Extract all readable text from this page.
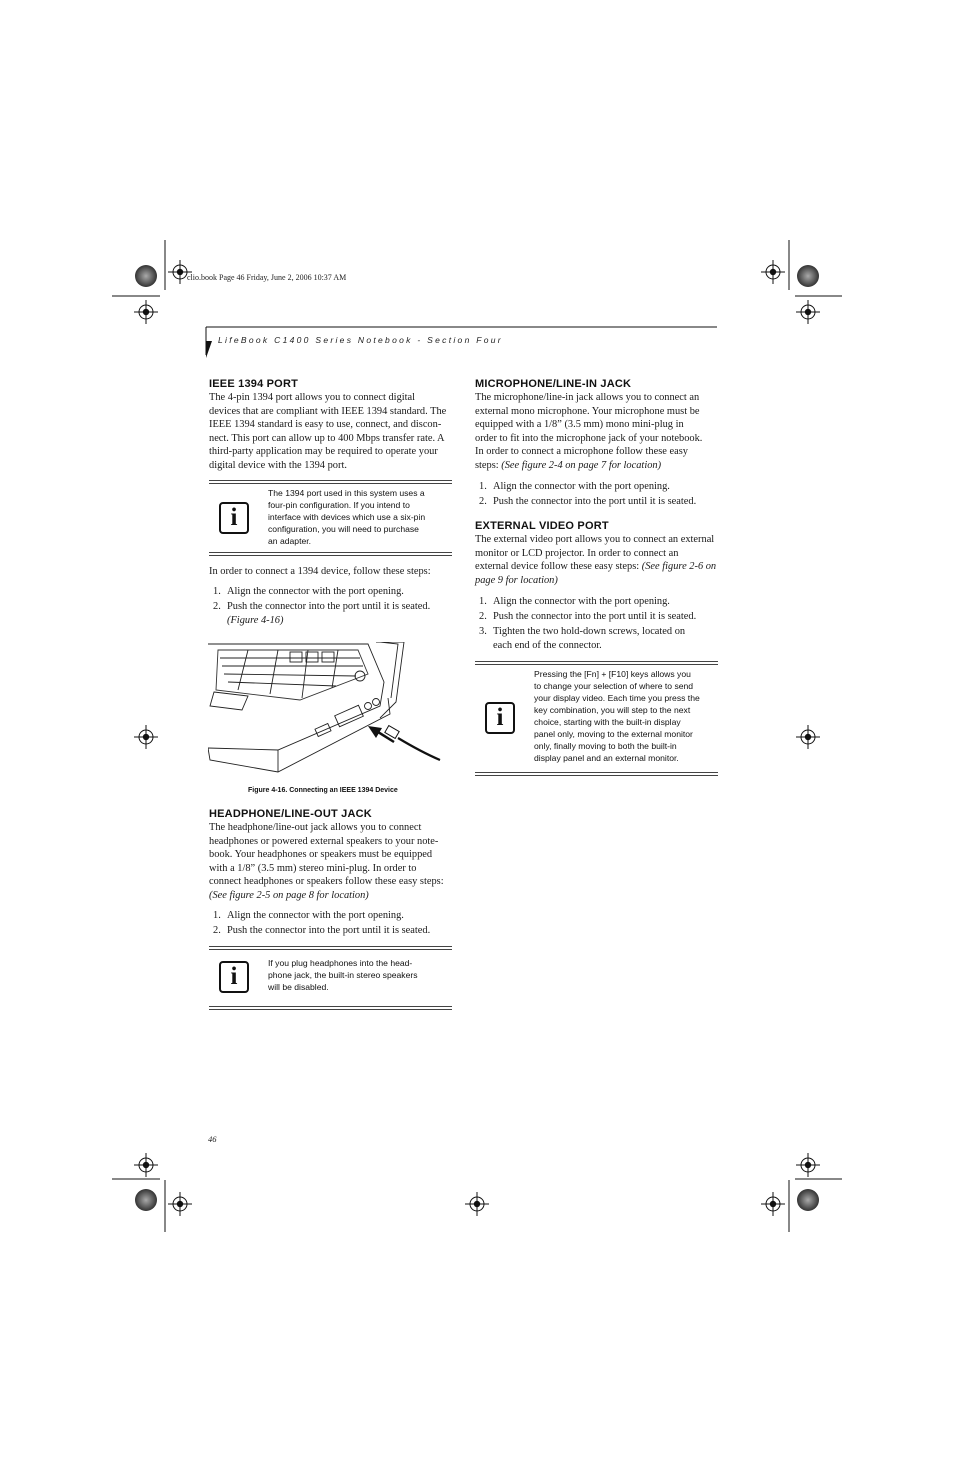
clio.book Page 46 Friday, June 2, 2006 10:37 AM
LifeBook C1400 Series Notebook - Section Four
IEEE 1394 PORT

The 4-pin 1394 port allows you to connect digital
devices that are compliant with IEEE 1394 standard. The
IEEE 1394 standard is easy to use, connect, and discon-
nect. This port can allow up to 400 Mbps transfer rate. A
third-party application may be required to operate your
digital device with the 1394 port.

i
The 1394 port used in this system uses a
four-pin configuration. If you intend to
interface with devices which use a six-pin
configuration, you will need to purchase
an adapter.

In order to connect a 1394 device, follow these steps:

1. Align the connector with the port opening.
2. Push the connector into the port until it is seated.
(Figure 4-16)
Figure 4-16. Connecting an IEEE 1394 Device
HEADPHONE/LINE-OUT JACK

The headphone/line-out jack allows you to connect
headphones or powered external speakers to your note-
book. Your headphones or speakers must be equipped
with a 1/8” (3.5 mm) stereo mini-plug. In order to
connect headphones or speakers follow these easy steps:
(See figure 2-5 on page 8 for location)

1. Align the connector with the port opening.
2. Push the connector into the port until it is seated.
i	If you plug headphones into the head-
phone jack, the built-in stereo speakers
will be disabled.
MICROPHONE/LINE-IN JACK

The microphone/line-in jack allows you to connect an
external mono microphone. Your microphone must be
equipped with a 1/8” (3.5 mm) mono mini-plug in
order to fit into the microphone jack of your notebook.
In order to connect a microphone follow these easy
steps: (See figure 2-4 on page 7 for location)

1. Align the connector with the port opening.
2. Push the connector into the port until it is seated.
EXTERNAL VIDEO PORT

The external video port allows you to connect an external
monitor or LCD projector. In order to connect an
external device follow these easy steps: (See figure 2-6 on
page 9 for location)

1. Align the connector with the port opening.
2. Push the connector into the port until it is seated.
3. Tighten the two hold-down screws, located on
each end of the connector.
i
Pressing the [Fn] + [F10] keys allows you
to change your selection of where to send
your display video. Each time you press the
key combination, you will step to the next
choice, starting with the built-in display
panel only, moving to the external monitor
only, finally moving to both the built-in
display panel and an external monitor.
46
